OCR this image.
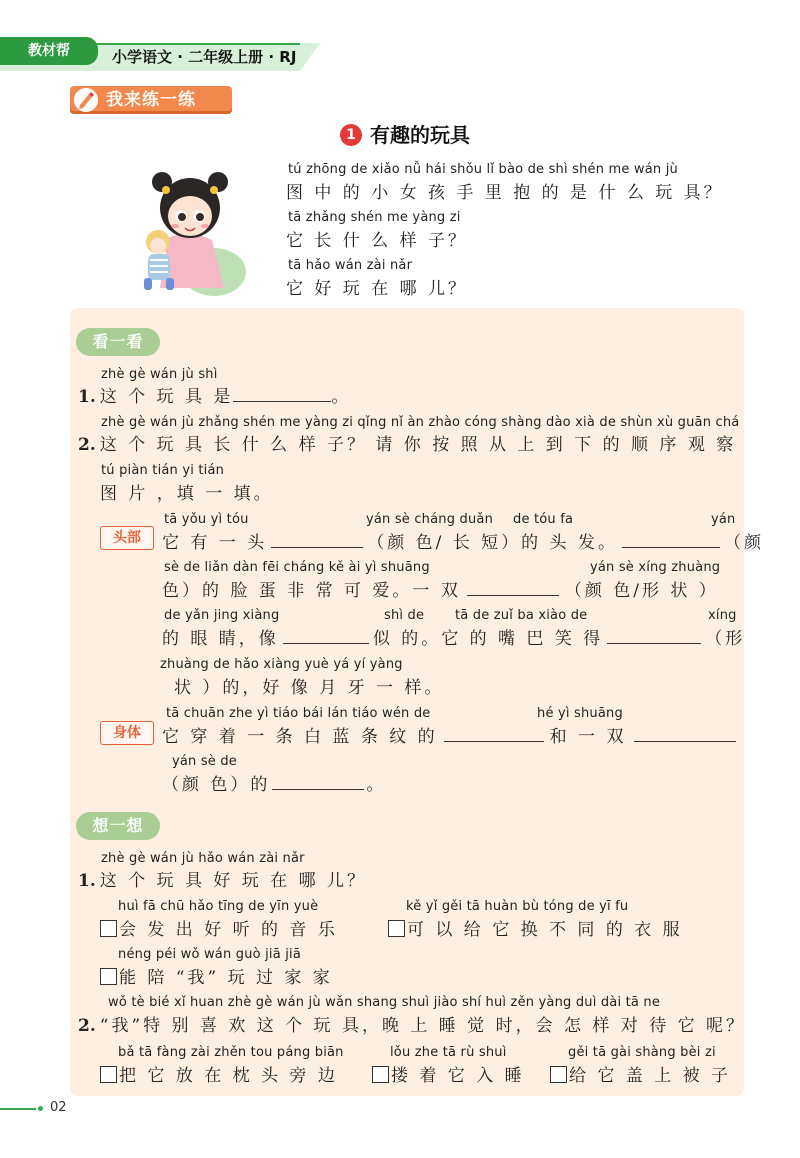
教材帮	小学语文 · 二年级上册 · RJ
我来练一练
1 有趣的玩具
tú zhōng de xiǎo nǚ hái shǒu lǐ bào de shì shén me wán jù
图 中 的 小 女 孩 手 里 抱 的 是 什 么 玩 具？
tā zhǎng shén me yàng zi
它 长 什 么 样 子？
tā hǎo wán zài nǎr
它 好 玩 在 哪 儿？
看一看
zhè gè wán jù shì
1. 这 个 玩 具 是	。
zhè gè wán jù zhǎng shén me yàng zi qǐng nǐ àn zhào cóng shàng dào xià de shùn xù guān chá
2. 这 个 玩 具 长 什 么 样 子？ 请 你 按 照 从 上 到 下 的 顺 序 观 察
tú piàn tián yi tián
图 片 ，填 一 填。
头部
tā yǒu yì tóu	yán sè cháng duǎn de tóu fa	yán
它 有 一 头	（颜 色/ 长 短）的 头 发。	（颜
sè de liǎn dàn fēi cháng kě ài yì shuāng	yán sè xíng zhuàng
色）的 脸 蛋 非 常 可 爱。一 双	（颜 色/形 状 ）
de yǎn jing xiàng	shì de tā de zuǐ ba xiào de	xíng
的 眼 睛，像	似 的。它 的 嘴 巴 笑 得	（形
zhuàng de hǎo xiàng yuè yá yí yàng
状 ）的，好 像 月 牙 一 样。
身体
tā chuān zhe yì tiáo bái lán tiáo wén de	hé yì shuāng
它 穿 着 一 条 白 蓝 条 纹 的	和 一 双
yán sè de
（颜 色）的	。
想一想
zhè gè wán jù hǎo wán zài nǎr
1. 这 个 玩 具 好 玩 在 哪 儿？
huì fā chū hǎo tīng de yīn yuè
会 发 出 好 听 的 音 乐
kě yǐ gěi tā huàn bù tóng de yī fu
可 以 给 它 换 不 同 的 衣 服
néng péi wǒ wán guò jiā jiā
能 陪 “我” 玩 过 家 家
wǒ tè bié xǐ huan zhè gè wán jù wǎn shang shuì jiào shí huì zěn yàng duì dài tā ne
2. “我”特 别 喜 欢 这 个 玩 具，晚 上 睡 觉 时，会 怎 样 对 待 它 呢？
bǎ tā fàng zài zhěn tou páng biān
把 它 放 在 枕 头 旁 边
lǒu zhe tā rù shuì
搂 着 它 入 睡
gěi tā gài shàng bèi zi
给 它 盖 上 被 子
02
